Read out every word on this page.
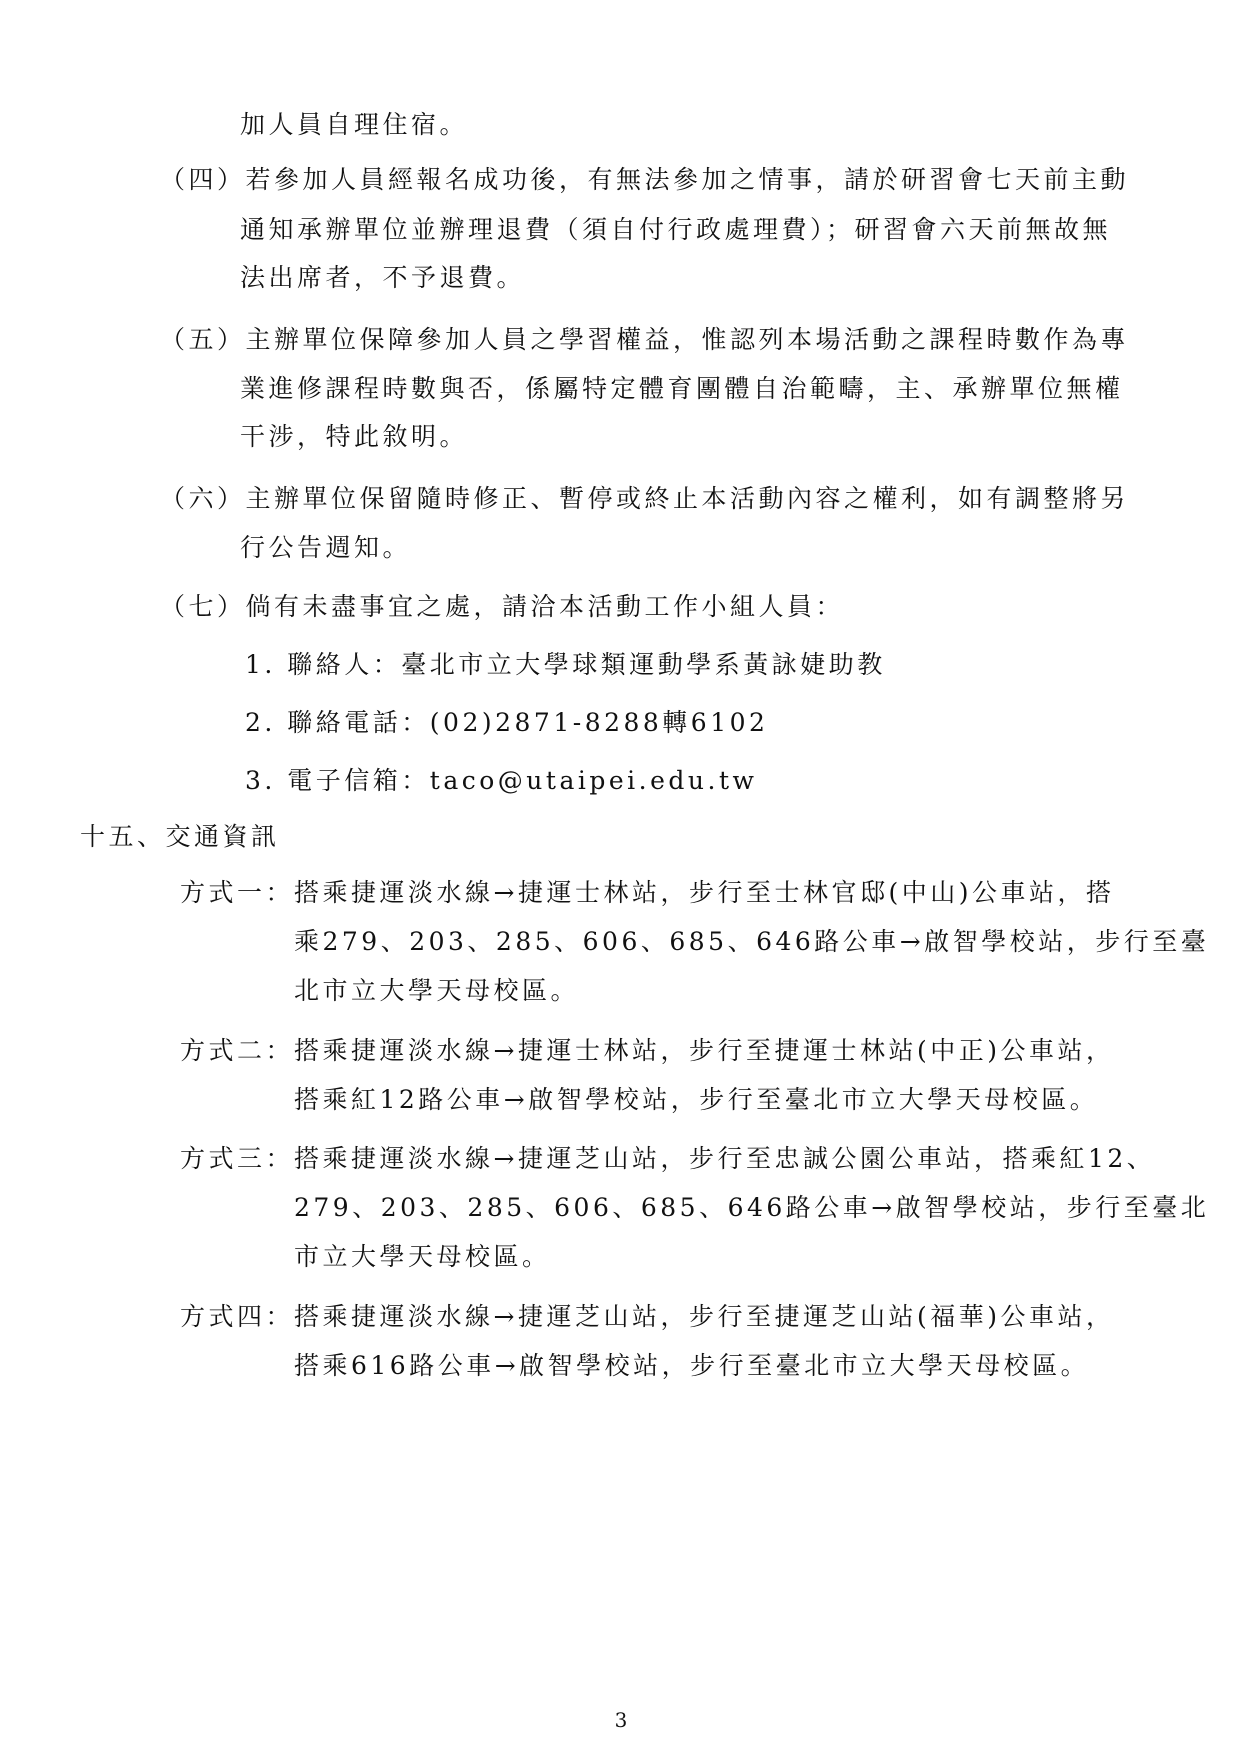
加人員自理住宿。
（四）若參加人員經報名成功後，有無法參加之情事，請於研習會七天前主動
通知承辦單位並辦理退費（須自付行政處理費）；研習會六天前無故無
法出席者，不予退費。
（五）主辦單位保障參加人員之學習權益，惟認列本場活動之課程時數作為專
業進修課程時數與否，係屬特定體育團體自治範疇，主、承辦單位無權
干涉，特此敘明。
（六）主辦單位保留隨時修正、暫停或終止本活動內容之權利，如有調整將另
行公告週知。
（七）倘有未盡事宜之處，請洽本活動工作小組人員：
1. 聯絡人：臺北市立大學球類運動學系黃詠婕助教
2. 聯絡電話：(02)2871-8288轉6102
3. 電子信箱：taco@utaipei.edu.tw
十五、交通資訊
方式一：搭乘捷運淡水線→捷運士林站，步行至士林官邸(中山)公車站，搭
乘279、203、285、606、685、646路公車→啟智學校站，步行至臺
北市立大學天母校區。
方式二：搭乘捷運淡水線→捷運士林站，步行至捷運士林站(中正)公車站，
搭乘紅12路公車→啟智學校站，步行至臺北市立大學天母校區。
方式三：搭乘捷運淡水線→捷運芝山站，步行至忠誠公園公車站，搭乘紅12、
279、203、285、606、685、646路公車→啟智學校站，步行至臺北
市立大學天母校區。
方式四：搭乘捷運淡水線→捷運芝山站，步行至捷運芝山站(福華)公車站，
搭乘616路公車→啟智學校站，步行至臺北市立大學天母校區。
3
